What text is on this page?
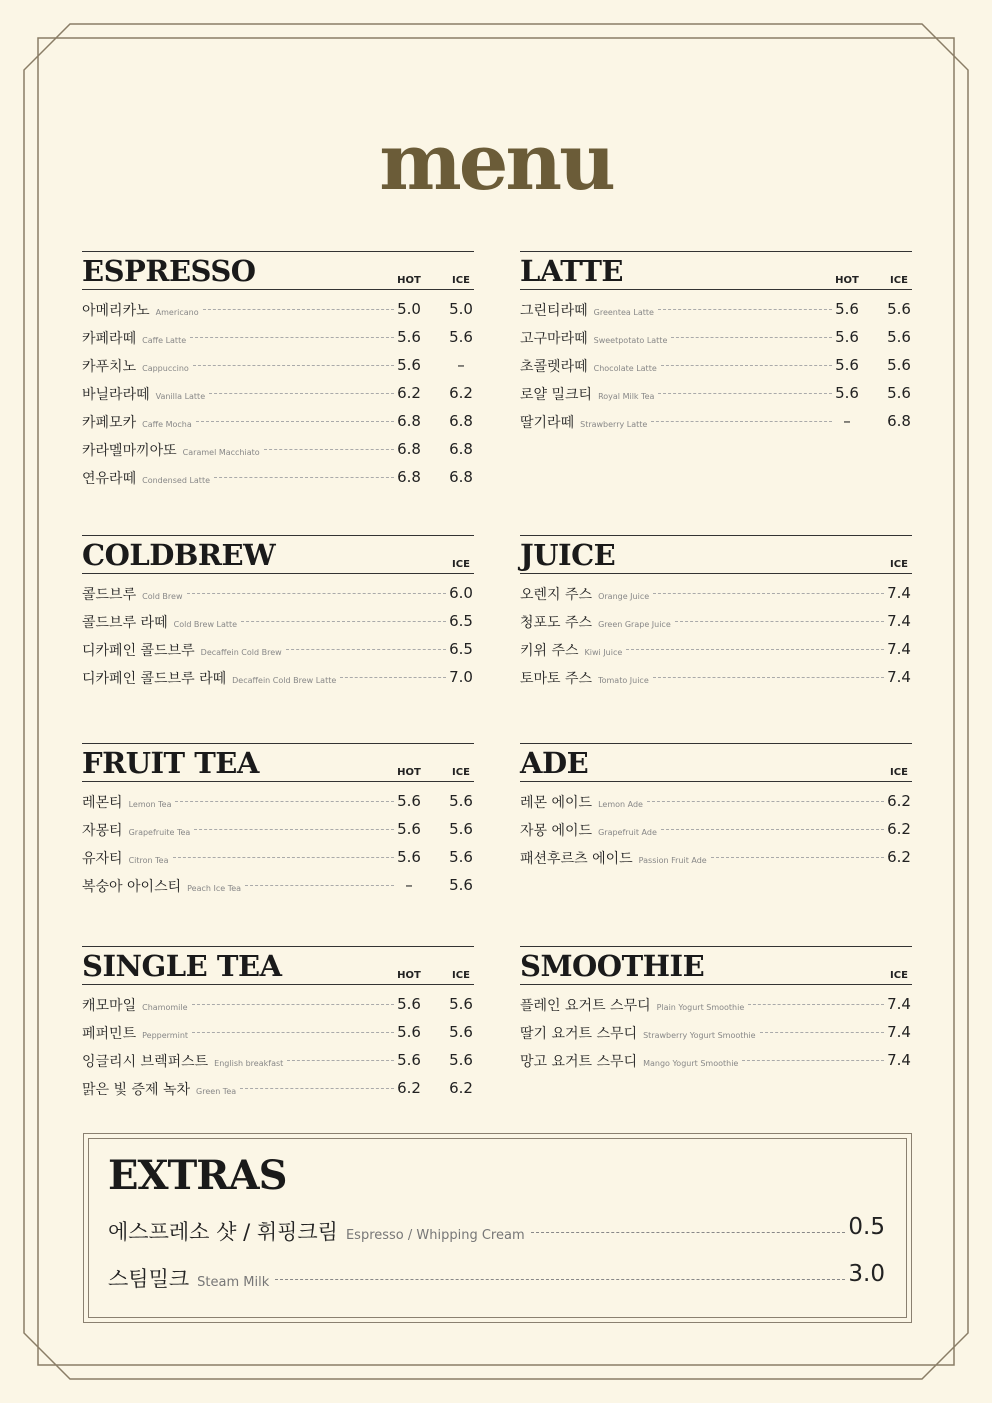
menu
ESPRESSO	HOT	ICE
아메리카노 Americano	5.0 5.0
카페라떼 Caffe Latte	5.6 5.6
카푸치노 Cappuccino	5.6	–
바닐라라떼 Vanilla Latte	6.2 6.2
카페모카 Caffe Mocha	6.8 6.8
카라멜마끼아또 Caramel Macchiato	6.8 6.8
연유라떼 Condensed Latte	6.8 6.8
LATTE	HOT	ICE
그린티라떼 Greentea Latte	5.6 5.6
고구마라떼 Sweetpotato Latte	5.6 5.6
초콜렛라떼 Chocolate Latte	5.6 5.6
로얄 밀크티 Royal Milk Tea	5.6 5.6
딸기라떼 Strawberry Latte	–	6.8
COLDBREW	ICE
콜드브루 Cold Brew	6.0
콜드브루 라떼 Cold Brew Latte	6.5
디카페인 콜드브루 Decaffein Cold Brew	6.5
디카페인 콜드브루 라떼 Decaffein Cold Brew Latte	7.0
JUICE	ICE
오렌지 주스 Orange Juice	7.4
청포도 주스 Green Grape Juice	7.4
키위 주스 Kiwi Juice	7.4
토마토 주스 Tomato Juice	7.4
FRUIT TEA	HOT	ICE
레몬티 Lemon Tea	5.6 5.6
자몽티 Grapefruite Tea	5.6 5.6
유자티 Citron Tea	5.6 5.6
복숭아 아이스티 Peach Ice Tea	–	5.6
ADE	ICE
레몬 에이드 Lemon Ade	6.2
자몽 에이드 Grapefruit Ade	6.2
패션후르츠 에이드 Passion Fruit Ade	6.2
SINGLE TEA	HOT	ICE
캐모마일 Chamomile	5.6 5.6
페퍼민트 Peppermint	5.6 5.6
잉글리시 브렉퍼스트 English breakfast	5.6 5.6
맑은 빛 증제 녹차 Green Tea	6.2 6.2
SMOOTHIE	ICE
플레인 요거트 스무디 Plain Yogurt Smoothie	7.4
딸기 요거트 스무디 Strawberry Yogurt Smoothie	7.4
망고 요거트 스무디 Mango Yogurt Smoothie	7.4
EXTRAS
에스프레소 샷 / 휘핑크림 Espresso / Whipping Cream	0.5
스팀밀크 Steam Milk	3.0
